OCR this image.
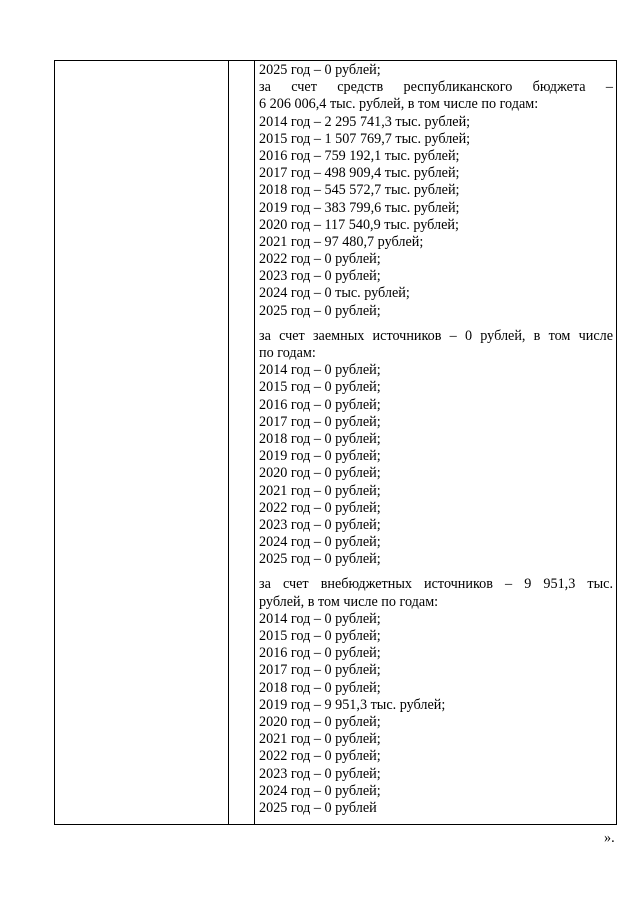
2025 год – 0 рублей;
за счет средств республиканского бюджета –
6 206 006,4 тыс. рублей, в том числе по годам:
2014 год – 2 295 741,3 тыс. рублей;
2015 год – 1 507 769,7 тыс. рублей;
2016 год – 759 192,1 тыс. рублей;
2017 год – 498 909,4 тыс. рублей;
2018 год – 545 572,7 тыс. рублей;
2019 год – 383 799,6 тыс. рублей;
2020 год – 117 540,9 тыс. рублей;
2021 год – 97 480,7 рублей;
2022 год – 0 рублей;
2023 год – 0 рублей;
2024 год – 0 тыс. рублей;
2025 год – 0 рублей;
за счет заемных источников – 0 рублей, в том числе
по годам:
2014 год – 0 рублей;
2015 год – 0 рублей;
2016 год – 0 рублей;
2017 год – 0 рублей;
2018 год – 0 рублей;
2019 год – 0 рублей;
2020 год – 0 рублей;
2021 год – 0 рублей;
2022 год – 0 рублей;
2023 год – 0 рублей;
2024 год – 0 рублей;
2025 год – 0 рублей;
за счет внебюджетных источников – 9 951,3 тыс.
рублей, в том числе по годам:
2014 год – 0 рублей;
2015 год – 0 рублей;
2016 год – 0 рублей;
2017 год – 0 рублей;
2018 год – 0 рублей;
2019 год – 9 951,3 тыс. рублей;
2020 год – 0 рублей;
2021 год – 0 рублей;
2022 год – 0 рублей;
2023 год – 0 рублей;
2024 год – 0 рублей;
2025 год – 0 рублей
».
